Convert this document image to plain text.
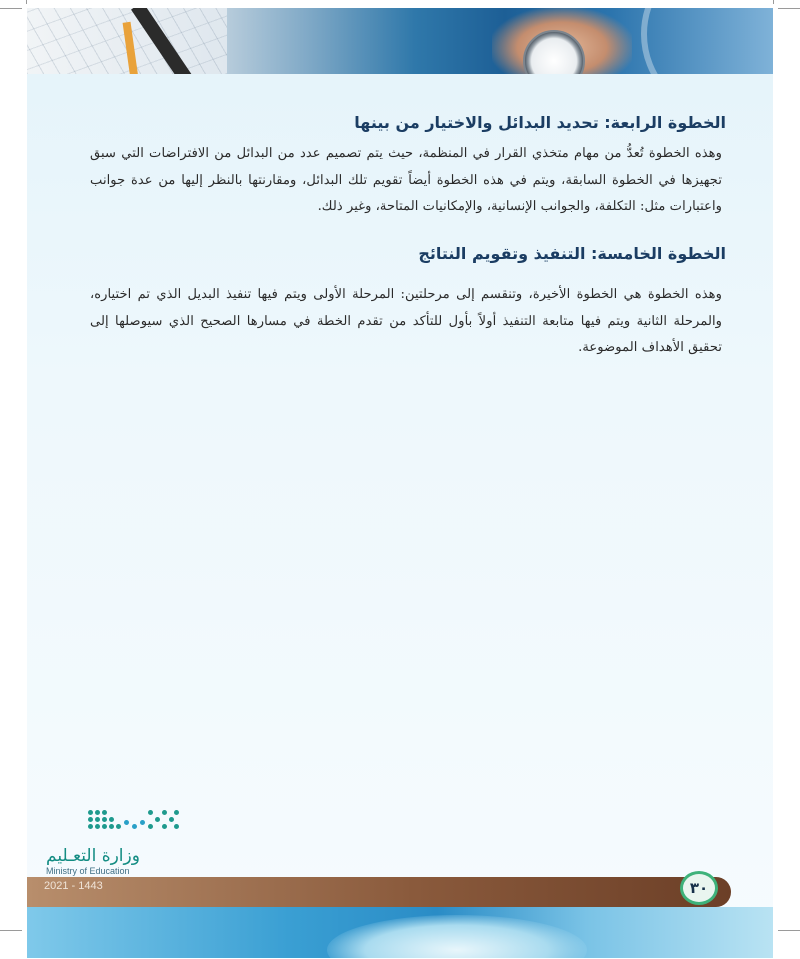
الخطوة الرابعة: تحديد البدائل والاختيار من بينها
وهذه الخطوة تُعدُّ من مهام متخذي القرار في المنظمة، حيث يتم تصميم عدد من البدائل من الافتراضات التي سبق تجهيزها في الخطوة السابقة، ويتم في هذه الخطوة أيضاً تقويم تلك البدائل، ومقارنتها بالنظر إليها من عدة جوانب واعتبارات مثل: التكلفة، والجوانب الإنسانية، والإمكانيات المتاحة، وغير ذلك.
الخطوة الخامسة: التنفيذ وتقويم النتائج
وهذه الخطوة هي الخطوة الأخيرة، وتنقسم إلى مرحلتين: المرحلة الأولى ويتم فيها تنفيذ البديل الذي تم اختياره، والمرحلة الثانية ويتم فيها متابعة التنفيذ أولاً بأول للتأكد من تقدم الخطة في مسارها الصحيح الذي سيوصلها إلى تحقيق الأهداف الموضوعة.
وزارة التعـليم
Ministry of Education
2021 - 1443	٣٠
